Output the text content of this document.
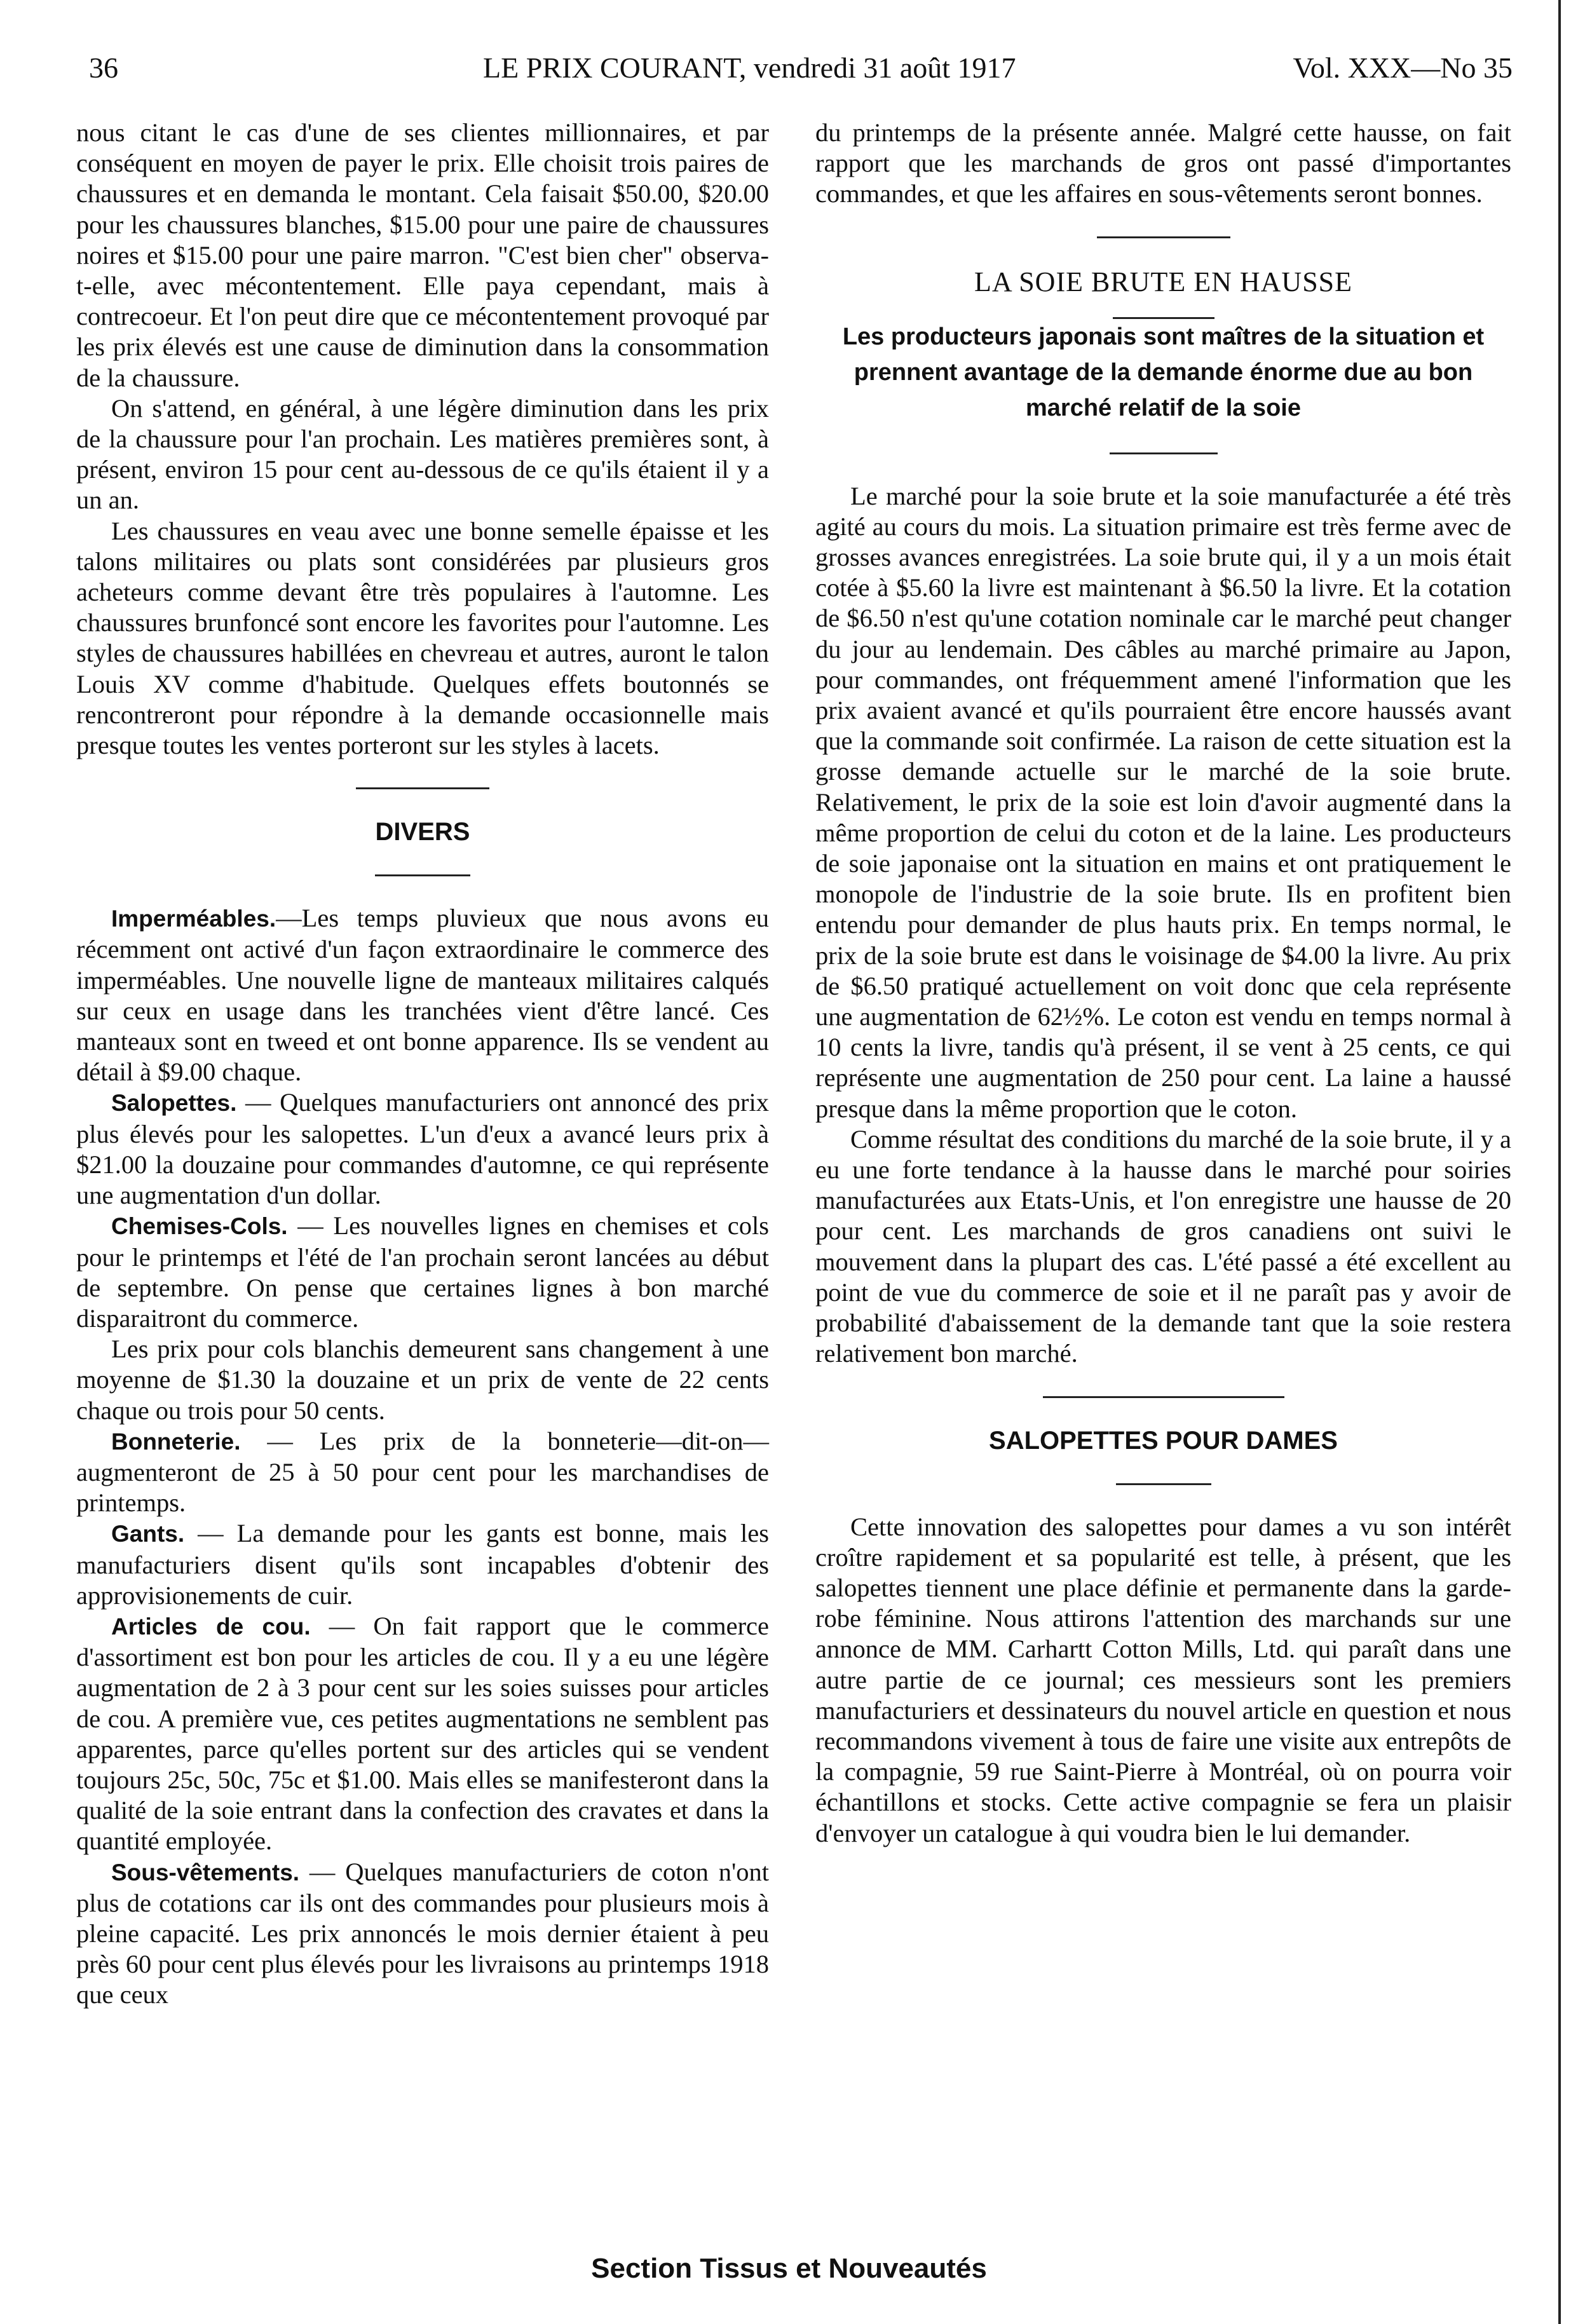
36	LE PRIX COURANT, vendredi 31 août 1917	Vol. XXX—No 35

nous citant le cas d'une de ses clientes millionnaires, et par conséquent en moyen de payer le prix. Elle choisit trois paires de chaussures et en demanda le montant. Cela faisait $50.00, $20.00 pour les chaussures blanches, $15.00 pour une paire de chaussures noires et $15.00 pour une paire marron. "C'est bien cher" observa-t-elle, avec mécontentement. Elle paya cependant, mais à contrecoeur. Et l'on peut dire que ce mécontentement provoqué par les prix élevés est une cause de diminution dans la consommation de la chaussure.

On s'attend, en général, à une légère diminution dans les prix de la chaussure pour l'an prochain. Les matières premières sont, à présent, environ 15 pour cent au-dessous de ce qu'ils étaient il y a un an.

Les chaussures en veau avec une bonne semelle épaisse et les talons militaires ou plats sont considérées par plusieurs gros acheteurs comme devant être très populaires à l'automne. Les chaussures brunfoncé sont encore les favorites pour l'automne. Les styles de chaussures habillées en chevreau et autres, auront le talon Louis XV comme d'habitude. Quelques effets boutonnés se rencontreront pour répondre à la demande occasionnelle mais presque toutes les ventes porteront sur les styles à lacets.

DIVERS

Imperméables.—Les temps pluvieux que nous avons eu récemment ont activé d'un façon extraordinaire le commerce des imperméables. Une nouvelle ligne de manteaux militaires calqués sur ceux en usage dans les tranchées vient d'être lancé. Ces manteaux sont en tweed et ont bonne apparence. Ils se vendent au détail à $9.00 chaque.

Salopettes. — Quelques manufacturiers ont annoncé des prix plus élevés pour les salopettes. L'un d'eux a avancé leurs prix à $21.00 la douzaine pour commandes d'automne, ce qui représente une augmentation d'un dollar.

Chemises-Cols. — Les nouvelles lignes en chemises et cols pour le printemps et l'été de l'an prochain seront lancées au début de septembre. On pense que certaines lignes à bon marché disparaitront du commerce.

Les prix pour cols blanchis demeurent sans changement à une moyenne de $1.30 la douzaine et un prix de vente de 22 cents chaque ou trois pour 50 cents.

Bonneterie. — Les prix de la bonneterie—dit-on— augmenteront de 25 à 50 pour cent pour les marchandises de printemps.

Gants. — La demande pour les gants est bonne, mais les manufacturiers disent qu'ils sont incapables d'obtenir des approvisionements de cuir.

Articles de cou. — On fait rapport que le commerce d'assortiment est bon pour les articles de cou. Il y a eu une légère augmentation de 2 à 3 pour cent sur les soies suisses pour articles de cou. A première vue, ces petites augmentations ne semblent pas apparentes, parce qu'elles portent sur des articles qui se vendent toujours 25c, 50c, 75c et $1.00. Mais elles se manifesteront dans la qualité de la soie entrant dans la confection des cravates et dans la quantité employée.

Sous-vêtements. — Quelques manufacturiers de coton n'ont plus de cotations car ils ont des commandes pour plusieurs mois à pleine capacité. Les prix annoncés le mois dernier étaient à peu près 60 pour cent plus élevés pour les livraisons au printemps 1918 que ceux

du printemps de la présente année. Malgré cette hausse, on fait rapport que les marchands de gros ont passé d'importantes commandes, et que les affaires en sous-vêtements seront bonnes.

LA SOIE BRUTE EN HAUSSE

Les producteurs japonais sont maîtres de la situation et prennent avantage de la demande énorme due au bon marché relatif de la soie

Le marché pour la soie brute et la soie manufacturée a été très agité au cours du mois. La situation primaire est très ferme avec de grosses avances enregistrées. La soie brute qui, il y a un mois était cotée à $5.60 la livre est maintenant à $6.50 la livre. Et la cotation de $6.50 n'est qu'une cotation nominale car le marché peut changer du jour au lendemain. Des câbles au marché primaire au Japon, pour commandes, ont fréquemment amené l'information que les prix avaient avancé et qu'ils pourraient être encore haussés avant que la commande soit confirmée. La raison de cette situation est la grosse demande actuelle sur le marché de la soie brute. Relativement, le prix de la soie est loin d'avoir augmenté dans la même proportion de celui du coton et de la laine. Les producteurs de soie japonaise ont la situation en mains et ont pratiquement le monopole de l'industrie de la soie brute. Ils en profitent bien entendu pour demander de plus hauts prix. En temps normal, le prix de la soie brute est dans le voisinage de $4.00 la livre. Au prix de $6.50 pratiqué actuellement on voit donc que cela représente une augmentation de 62½%. Le coton est vendu en temps normal à 10 cents la livre, tandis qu'à présent, il se vent à 25 cents, ce qui représente une augmentation de 250 pour cent. La laine a haussé presque dans la même proportion que le coton.

Comme résultat des conditions du marché de la soie brute, il y a eu une forte tendance à la hausse dans le marché pour soiries manufacturées aux Etats-Unis, et l'on enregistre une hausse de 20 pour cent. Les marchands de gros canadiens ont suivi le mouvement dans la plupart des cas. L'été passé a été excellent au point de vue du commerce de soie et il ne paraît pas y avoir de probabilité d'abaissement de la demande tant que la soie restera relativement bon marché.

SALOPETTES POUR DAMES

Cette innovation des salopettes pour dames a vu son intérêt croître rapidement et sa popularité est telle, à présent, que les salopettes tiennent une place définie et permanente dans la garde-robe féminine. Nous attirons l'attention des marchands sur une annonce de MM. Carhartt Cotton Mills, Ltd. qui paraît dans une autre partie de ce journal; ces messieurs sont les premiers manufacturiers et dessinateurs du nouvel article en question et nous recommandons vivement à tous de faire une visite aux entrepôts de la compagnie, 59 rue Saint-Pierre à Montréal, où on pourra voir échantillons et stocks. Cette active compagnie se fera un plaisir d'envoyer un catalogue à qui voudra bien le lui demander.

Section Tissus et Nouveautés
